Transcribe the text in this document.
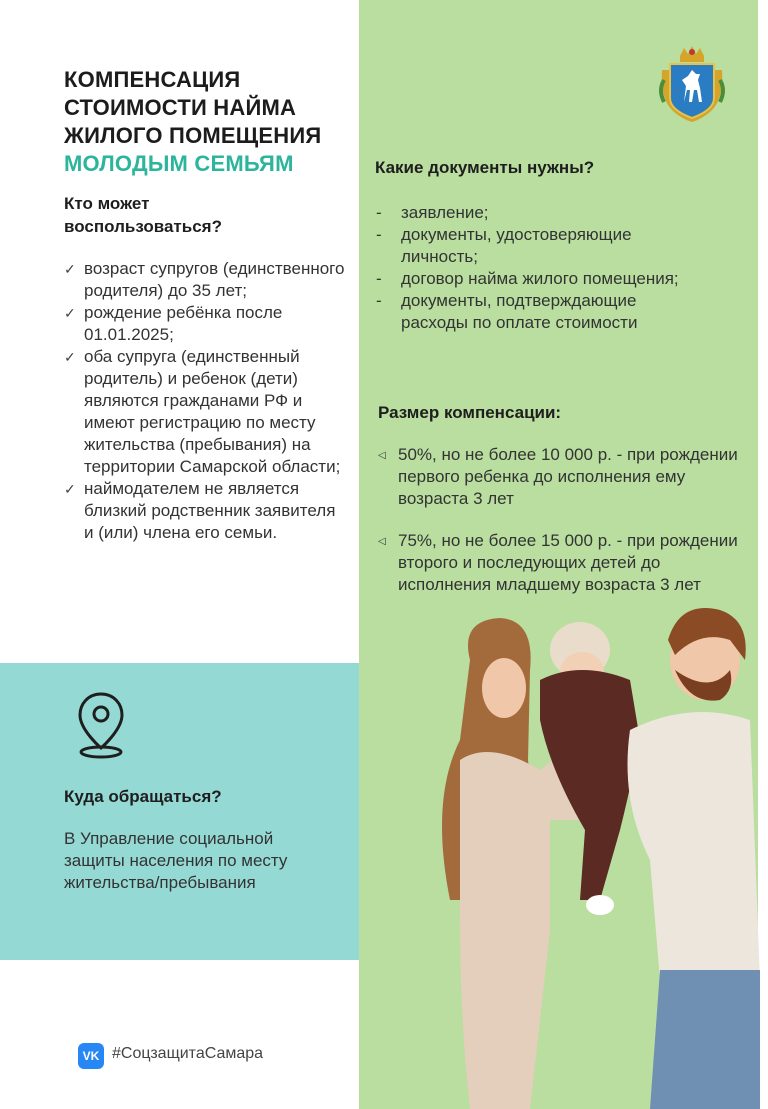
КОМПЕНСАЦИЯ
СТОИМОСТИ НАЙМА
ЖИЛОГО ПОМЕЩЕНИЯ
МОЛОДЫМ СЕМЬЯМ
Кто может воспользоваться?
✓ возраст супругов (единственного родителя) до 35 лет;
✓ рождение ребёнка после 01.01.2025;
✓ оба супруга (единственный родитель) и ребенок (дети) являются гражданами РФ и имеют регистрацию по месту жительства (пребывания) на территории Самарской области;
✓ наймодателем не является близкий родственник заявителя и (или) члена его семьи.
Какие документы нужны?
- заявление;
- документы, удостоверяющие личность;
- договор найма жилого помещения;
- документы, подтверждающие расходы по оплате стоимости
Размер компенсации:
◁ 50%, но не более 10 000 р. - при рождении первого ребенка до исполнения ему возраста 3 лет
◁ 75%, но не более 15 000 р. - при рождении второго и последующих детей до исполнения младшему возраста 3 лет
Куда обращаться?
В Управление социальной защиты населения по месту жительства/пребывания
VK #СоцзащитаСамара
